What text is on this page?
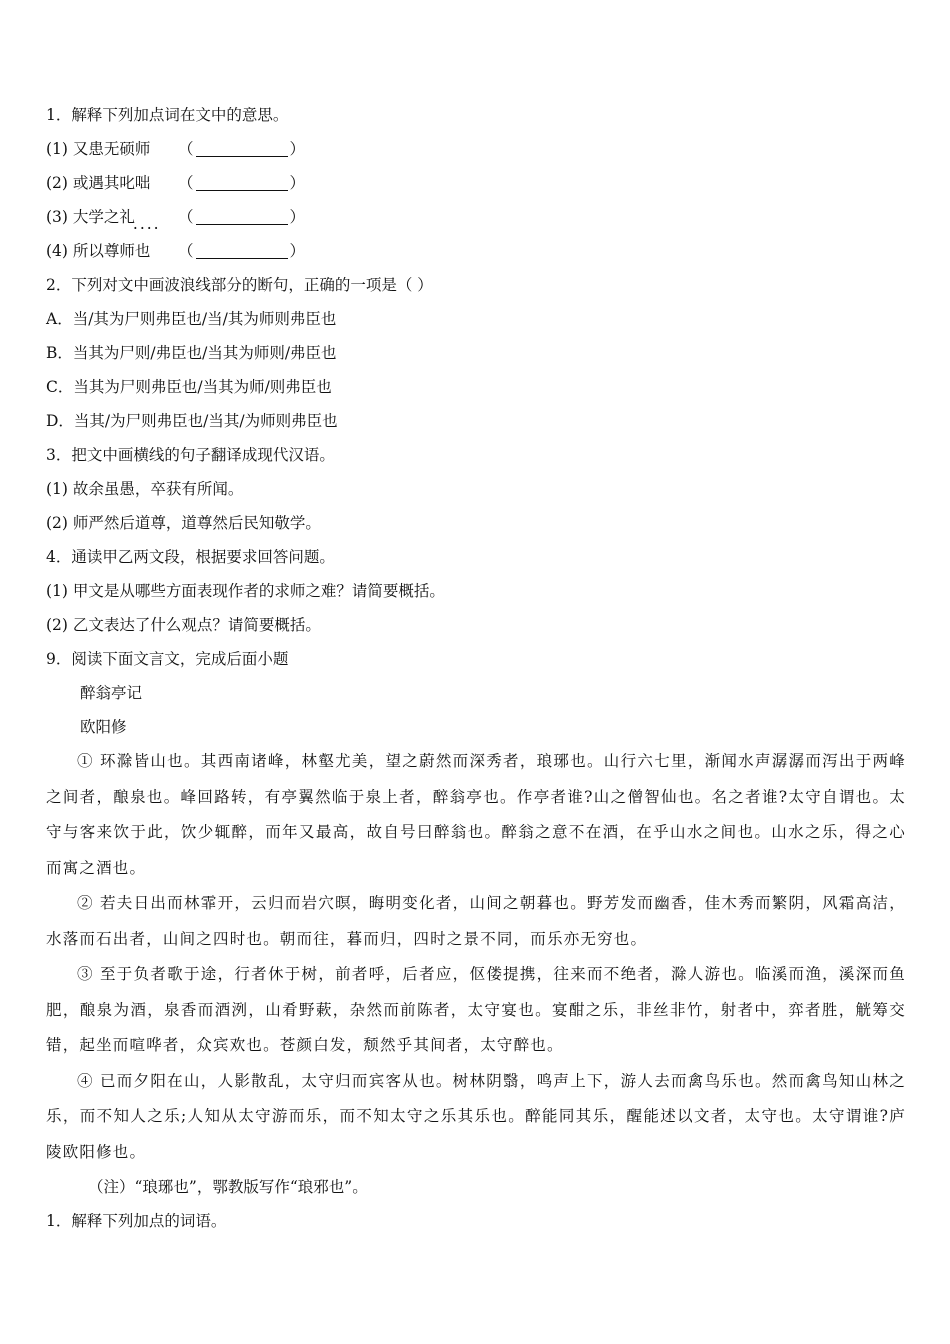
1．解释下列加点词在文中的意思。
(1) 又患无硕师	（	）
(2) 或遇其叱咄	（	）
(3) 大学之礼....	（	）
(4) 所以尊师也	（	）
2．下列对文中画波浪线部分的断句，正确的一项是（ ）
A．当/其为尸则弗臣也/当/其为师则弗臣也
B．当其为尸则/弗臣也/当其为师则/弗臣也
C．当其为尸则弗臣也/当其为师/则弗臣也
D．当其/为尸则弗臣也/当其/为师则弗臣也
3．把文中画横线的句子翻译成现代汉语。
(1) 故余虽愚，卒获有所闻。
(2) 师严然后道尊，道尊然后民知敬学。
4．通读甲乙两文段，根据要求回答问题。
(1) 甲文是从哪些方面表现作者的求师之难？请简要概括。
(2) 乙文表达了什么观点？请简要概括。
9．阅读下面文言文，完成后面小题
醉翁亭记
欧阳修

① 环滁皆山也。其西南诸峰，林壑尤美，望之蔚然而深秀者，琅琊也。山行六七里，渐闻水声潺潺而泻出于两峰之间者，酿泉也。峰回路转，有亭翼然临于泉上者，醉翁亭也。作亭者谁?山之僧智仙也。名之者谁?太守自谓也。太守与客来饮于此，饮少辄醉，而年又最高，故自号曰醉翁也。醉翁之意不在酒，在乎山水之间也。山水之乐，得之心而寓之酒也。

② 若夫日出而林霏开，云归而岩穴暝，晦明变化者，山间之朝暮也。野芳发而幽香，佳木秀而繁阴，风霜高洁，水落而石出者，山间之四时也。朝而往，暮而归，四时之景不同，而乐亦无穷也。

③ 至于负者歌于途，行者休于树，前者呼，后者应，伛偻提携，往来而不绝者，滁人游也。临溪而渔，溪深而鱼肥，酿泉为酒，泉香而酒洌，山肴野蔌，杂然而前陈者，太守宴也。宴酣之乐，非丝非竹，射者中，弈者胜，觥筹交错，起坐而喧哗者，众宾欢也。苍颜白发，颓然乎其间者，太守醉也。

④ 已而夕阳在山，人影散乱，太守归而宾客从也。树林阴翳，鸣声上下，游人去而禽鸟乐也。然而禽鸟知山林之乐，而不知人之乐;人知从太守游而乐，而不知太守之乐其乐也。醉能同其乐，醒能述以文者，太守也。太守谓谁?庐陵欧阳修也。

（注）“琅琊也”，鄂教版写作“琅邪也”。
1．解释下列加点的词语。
